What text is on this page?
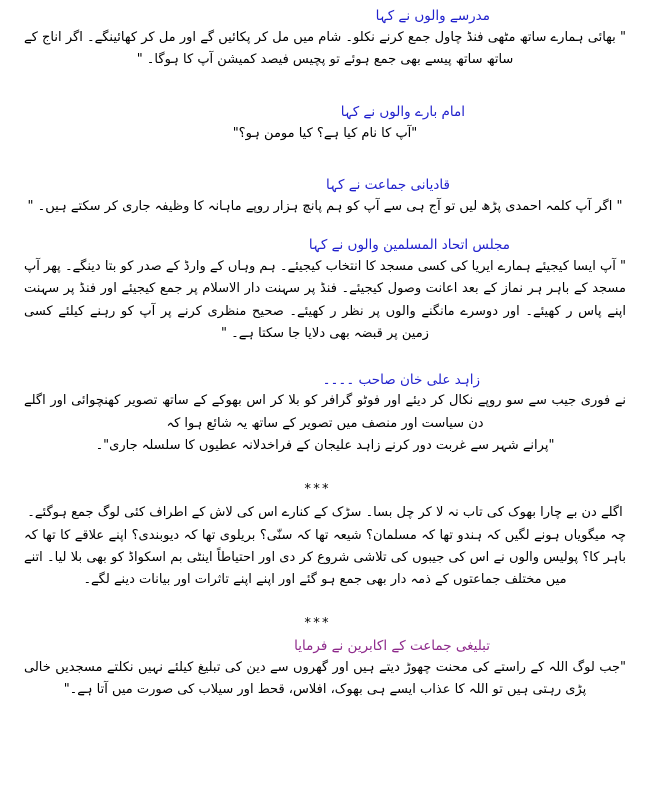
مدرسے والوں نے کہا
" بھائی ہمارے ساتھ مٹھی فنڈ چاول جمع کرنے نکلو۔ شام میں مل کر پکائیں گے اور مل کر کھائینگے۔ اگر اناج کے ساتھ ساتھ پیسے بھی جمع ہوئے تو پچیس فیصد کمیشن آپ کا ہوگا۔ "
امام بارے والوں نے کہا
"آپ کا نام کیا ہے؟ کیا مومن ہو؟"
قادیانی جماعت نے کہا
" اگر آپ کلمہ احمدی پڑھ لیں تو آج ہی سے آپ کو ہم پانچ ہزار روپے ماہانہ کا وظیفہ جاری کر سکتے ہیں۔ "
مجلس اتحاد المسلمین والوں نے کہا
" آپ ایسا کیجیئے ہمارے ایریا کی کسی مسجد کا انتخاب کیجیئے۔ ہم وہاں کے وارڈ کے صدر کو بتا دینگے۔ پھر آپ مسجد کے باہر ہر نماز کے بعد اعانت وصول کیجیئے۔ فنڈ پر سہنت دار الاسلام پر جمع کیجیئے اور فنڈ پر سہنت اپنے پاس ر کھیئے۔ اور دوسرے مانگنے والوں پر نظر ر کھیئے۔ صحیح منظری کرنے پر آپ کو رہنے کیلئے کسی زمین پر قبضہ بھی دلایا جا سکتا ہے۔ "
زاہد علی خان صاحب ۔۔۔۔
نے فوری جیب سے سو روپے نکال کر دیئے اور فوٹو گرافر کو بلا کر اس بھوکے کے ساتھ تصویر کھنچوائی اور اگلے دن سیاست اور منصف میں تصویر کے ساتھ یہ شائع ہوا کہ
"پرانے شہر سے غربت دور کرنے زاہد علیجان کے فراخدلانہ عطیوں کا سلسلہ جاری"۔
***
اگلے دن بے چارا بھوک کی تاب نہ لا کر چل بسا۔ سڑک کے کنارے اس کی لاش کے اطراف کئی لوگ جمع ہوگئے۔
چہ میگویاں ہونے لگیں کہ ہندو تھا کہ مسلمان؟ شیعہ تھا کہ سنّی؟ بریلوی تھا کہ دیوبندی؟ اپنے علاقے کا تھا کہ باہر کا؟ پولیس والوں نے اس کی جیبوں کی تلاشی شروع کر دی اور احتیاطاً اینٹی بم اسکواڈ کو بھی بلا لیا۔ اتنے میں مختلف جماعتوں کے ذمہ دار بھی جمع ہو گئے اور اپنے اپنے تاثرات اور بیانات دینے لگے۔
***
تبلیغی جماعت کے اکابرین نے فرمایا
"جب لوگ اللہ کے راستے کی محنت چھوڑ دیتے ہیں اور گھروں سے دین کی تبلیغ کیلئے نہیں نکلتے مسجدیں خالی پڑی رہتی ہیں تو اللہ کا عذاب ایسے ہی بھوک، افلاس، قحط اور سیلاب کی صورت میں آتا ہے۔"
